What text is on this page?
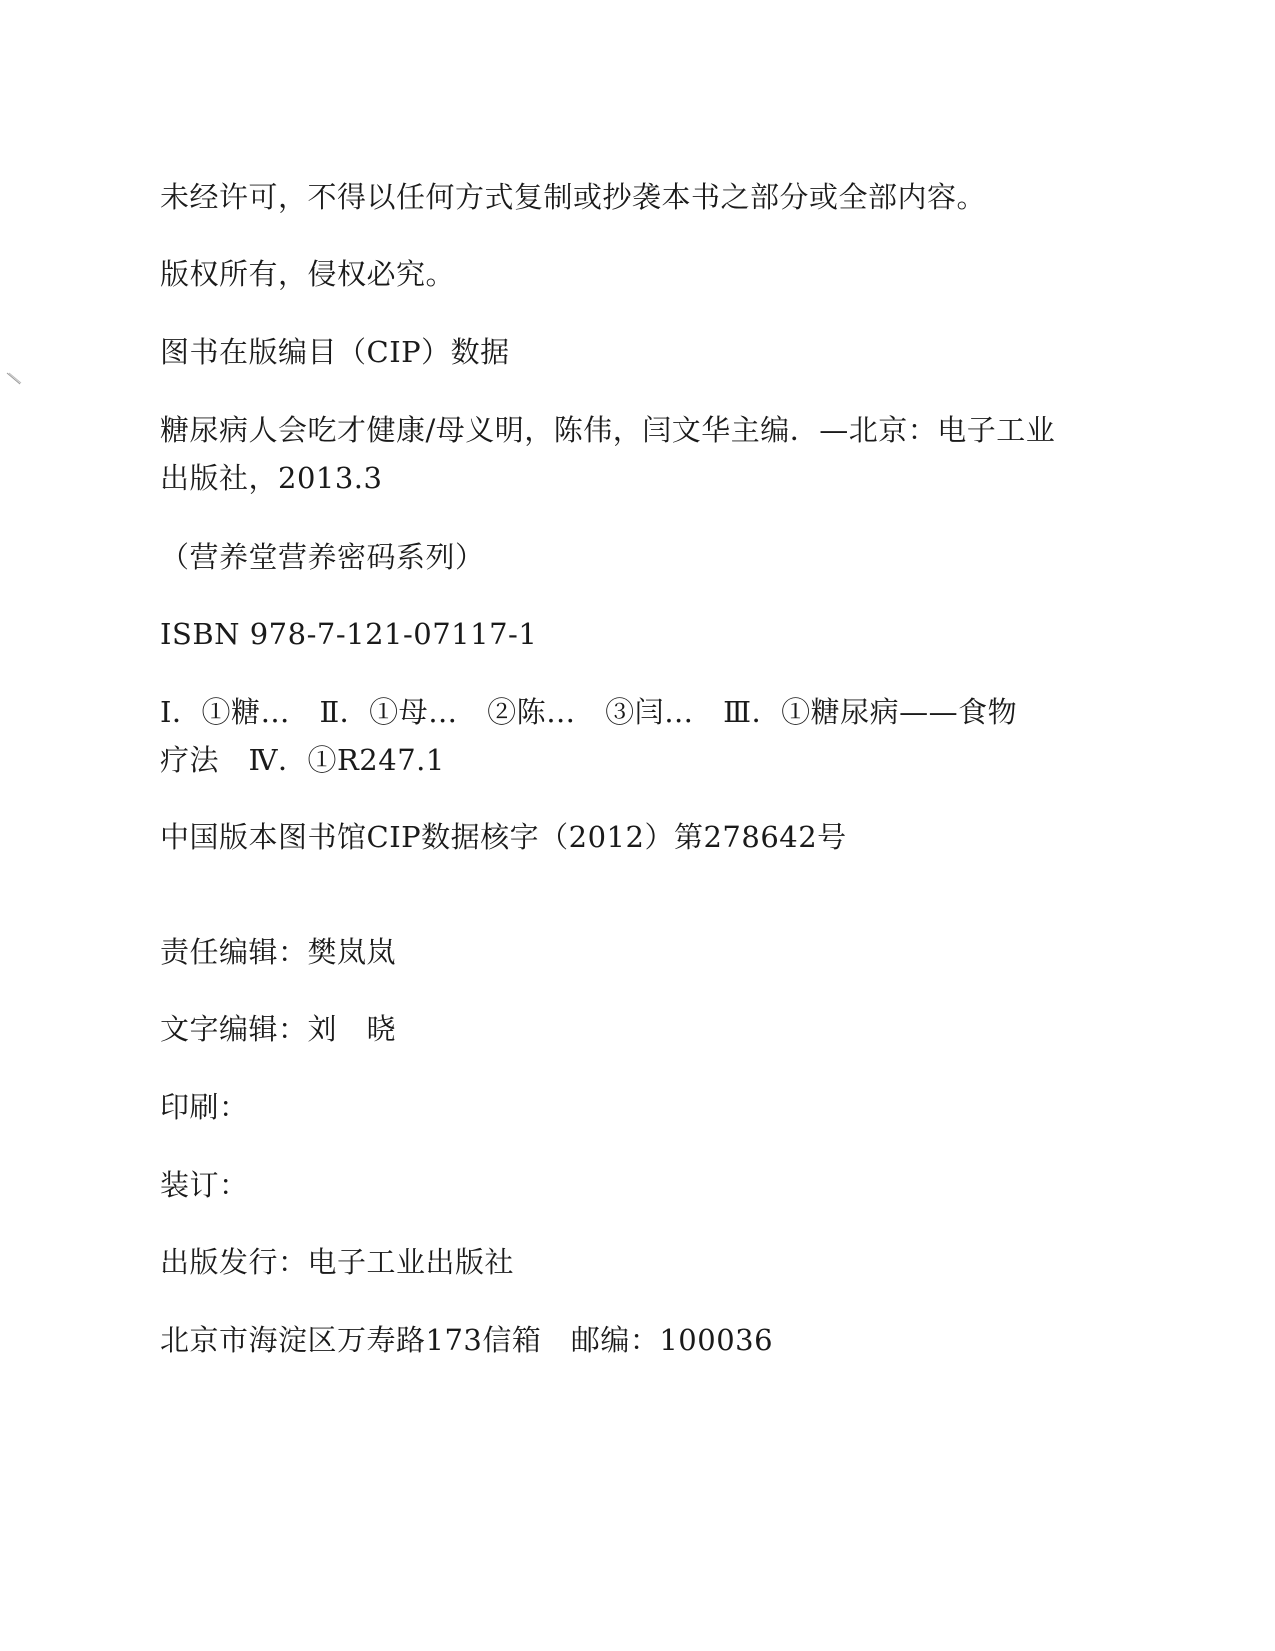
未经许可，不得以任何方式复制或抄袭本书之部分或全部内容。
版权所有，侵权必究。
图书在版编目（CIP）数据
糖尿病人会吃才健康/母义明，陈伟，闫文华主编．—北京：电子工业
出版社，2013.3
（营养堂营养密码系列）
ISBN 978-7-121-07117-1
Ⅰ．①糖…　Ⅱ．①母…　②陈…　③闫…　Ⅲ．①糖尿病——食物
疗法　Ⅳ．①R247.1
中国版本图书馆CIP数据核字（2012）第278642号
责任编辑：樊岚岚
文字编辑：刘　晓
印刷：
装订：
出版发行：电子工业出版社
北京市海淀区万寿路173信箱　邮编：100036
